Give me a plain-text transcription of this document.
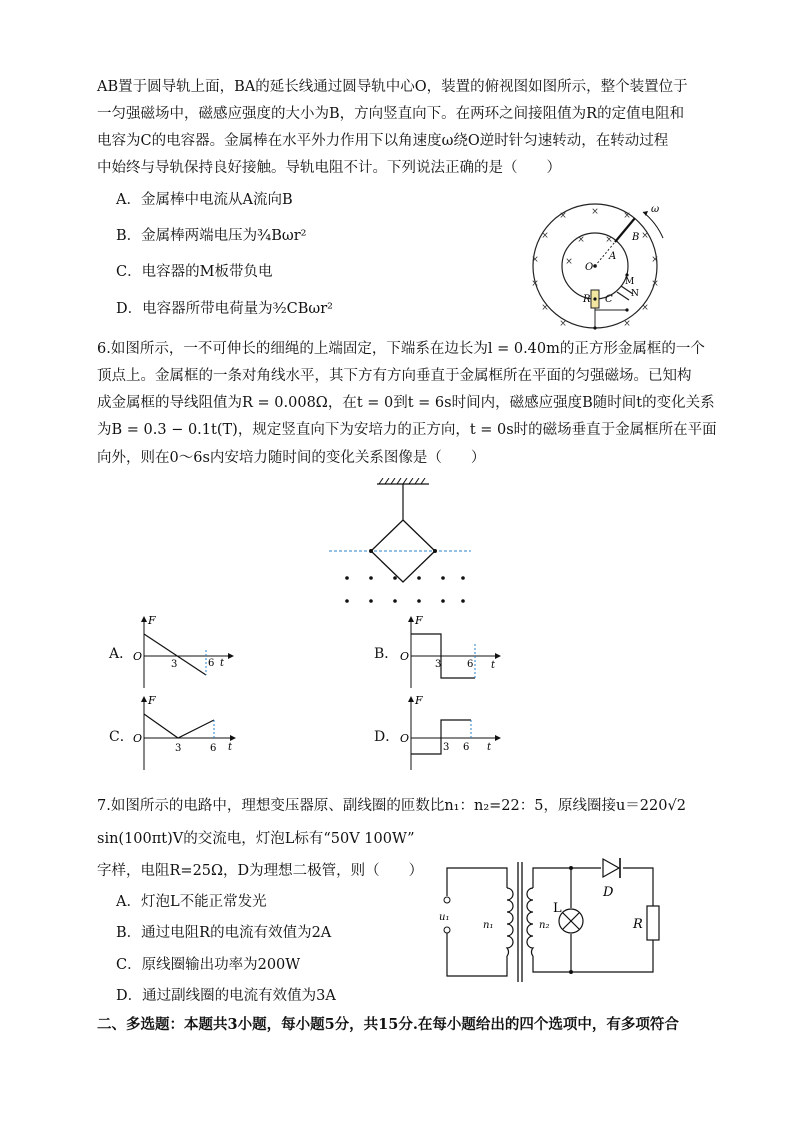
AB置于圆导轨上面，BA的延长线通过圆导轨中心O，装置的俯视图如图所示，整个装置位于
一匀强磁场中，磁感应强度的大小为B，方向竖直向下。在两环之间接阻值为R的定值电阻和
电容为C的电容器。金属棒在水平外力作用下以角速度ω绕O逆时针匀速转动，在转动过程
中始终与导轨保持良好接触。导轨电阻不计。下列说法正确的是（　　）
A．金属棒中电流从A流向B
B．金属棒两端电压为¾Bωr²
C．电容器的M板带负电
D．电容器所带电荷量为³⁄₂CBωr²
×	×	×
×	× ×	×
×	×	×
×	×
×	×
×	×
ω
B
A
O
M
N
R C
6.如图所示，一不可伸长的细绳的上端固定，下端系在边长为l = 0.40m的正方形金属框的一个
顶点上。金属框的一条对角线水平，其下方有方向垂直于金属框所在平面的匀强磁场。已知构
成金属框的导线阻值为R = 0.008Ω，在t = 0到t = 6s时间内，磁感应强度B随时间t的变化关系
为B = 0.3 − 0.1t(T)，规定竖直向下为安培力的正方向，t = 0s时的磁场垂直于金属框所在平面
向外，则在0～6s内安培力随时间的变化关系图像是（　　）
A．
F
O
3	6 t
B．
F
O
3	6 t
C．
F
O
3	6 t
D．
F
O
3 6 t
7.如图所示的电路中，理想变压器原、副线圈的匝数比n₁：n₂=22：5，原线圈接u＝220√2
sin(100πt)V的交流电，灯泡L标有“50V 100W”
字样，电阻R=25Ω，D为理想二极管，则（　　）
A．灯泡L不能正常发光
B．通过电阻R的电流有效值为2A
C．原线圈输出功率为200W
D．通过副线圈的电流有效值为3A
D
L
R
u₁
n₁	n₂
二、多选题：本题共3小题，每小题5分，共15分.在每小题给出的四个选项中，有多项符合
